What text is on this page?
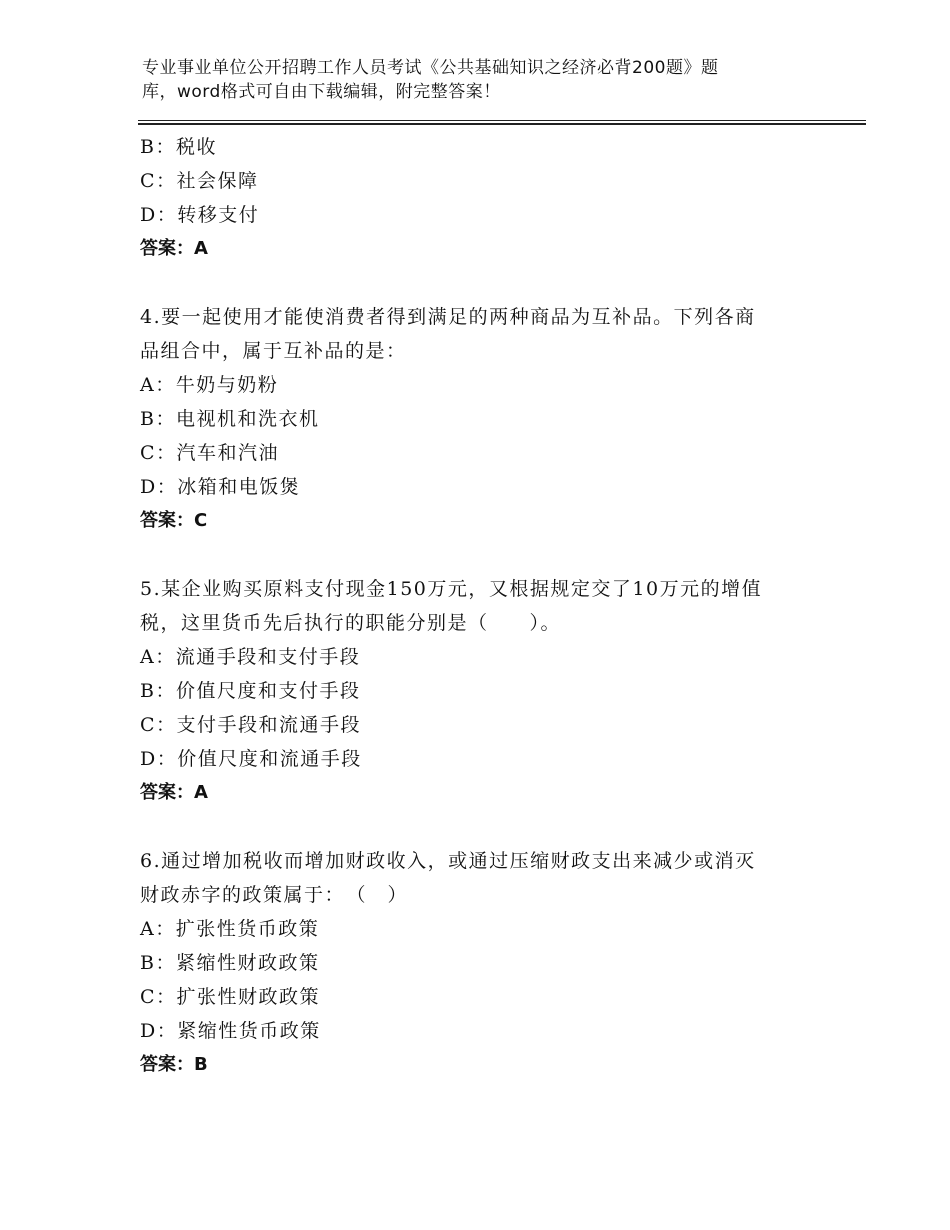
专业事业单位公开招聘工作人员考试《公共基础知识之经济必背200题》题
库，word格式可自由下载编辑，附完整答案！
B：税收
C：社会保障
D：转移支付
答案：A
4.要一起使用才能使消费者得到满足的两种商品为互补品。下列各商
品组合中，属于互补品的是：
A：牛奶与奶粉
B：电视机和洗衣机
C：汽车和汽油
D：冰箱和电饭煲
答案：C
5.某企业购买原料支付现金150万元，又根据规定交了10万元的增值
税，这里货币先后执行的职能分别是（　　）。
A：流通手段和支付手段
B：价值尺度和支付手段
C：支付手段和流通手段
D：价值尺度和流通手段
答案：A
6.通过增加税收而增加财政收入，或通过压缩财政支出来减少或消灭
财政赤字的政策属于：　（　）
A：扩张性货币政策
B：紧缩性财政政策
C：扩张性财政政策
D：紧缩性货币政策
答案：B
